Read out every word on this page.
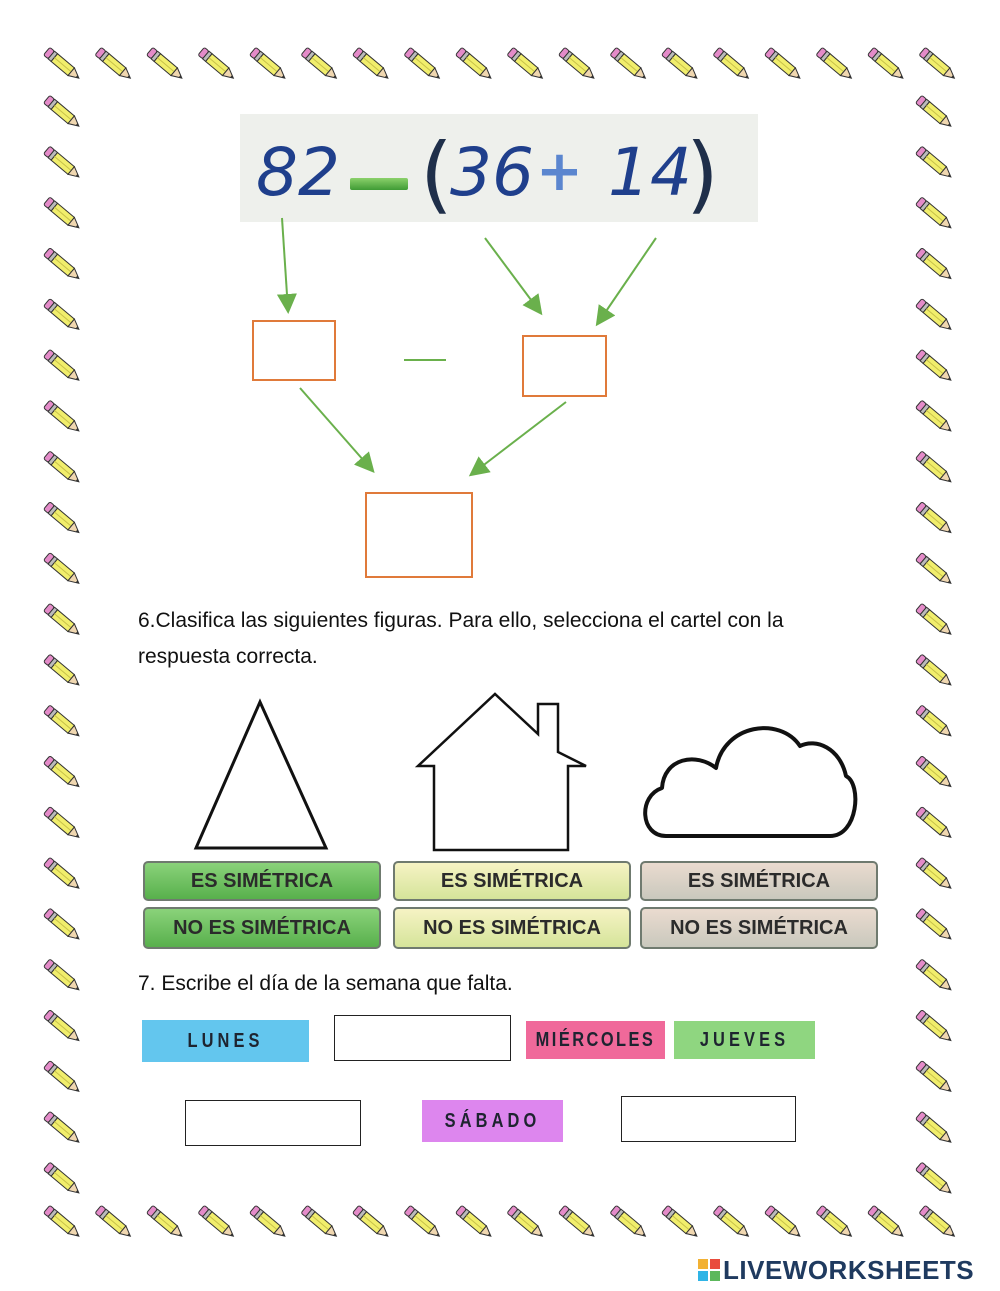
82 (
36 + 14
)
6.Clasifica las siguientes figuras. Para ello, selecciona el cartel con la respuesta correcta.
ES SIMÉTRICA
NO ES SIMÉTRICA
ES SIMÉTRICA
NO ES SIMÉTRICA
ES SIMÉTRICA
NO ES SIMÉTRICA
7. Escribe el día de la semana que falta.
LUNES	MIÉRCOLES	JUEVES
SÁBADO
LIVEWORKSHEETS
